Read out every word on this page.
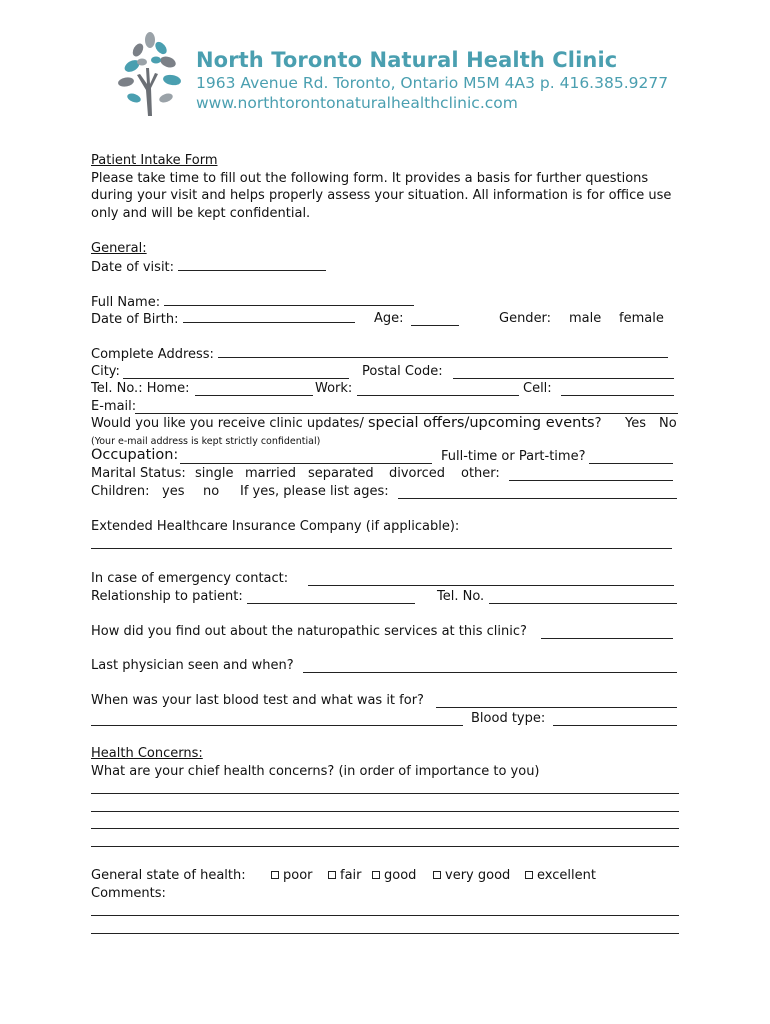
North Toronto Natural Health Clinic
1963 Avenue Rd. Toronto, Ontario M5M 4A3 p. 416.385.9277
www.northtorontonaturalhealthclinic.com
Patient Intake Form
Please take time to fill out the following form. It provides a basis for further questions
during your visit and helps properly assess your situation. All information is for office use
only and will be kept confidential.
General:
Date of visit:
Full Name:
Date of Birth:	Age:	Gender: male female
Complete Address:
City:	Postal Code:
Tel. No.: Home:	Work:	Cell:
E-mail:
Would you like you receive clinic updates/ special offers/upcoming events? Yes No
(Your e-mail address is kept strictly confidential)
Occupation:	Full-time or Part-time?
Marital Status: single married separated divorced other:
Children: yes no If yes, please list ages:
Extended Healthcare Insurance Company (if applicable):
In case of emergency contact:
Relationship to patient:	Tel. No.
How did you find out about the naturopathic services at this clinic?
Last physician seen and when?
When was your last blood test and what was it for?
Blood type:
Health Concerns:
What are your chief health concerns? (in order of importance to you)
General state of health:	poor	fair	good	very good	excellent
Comments:
